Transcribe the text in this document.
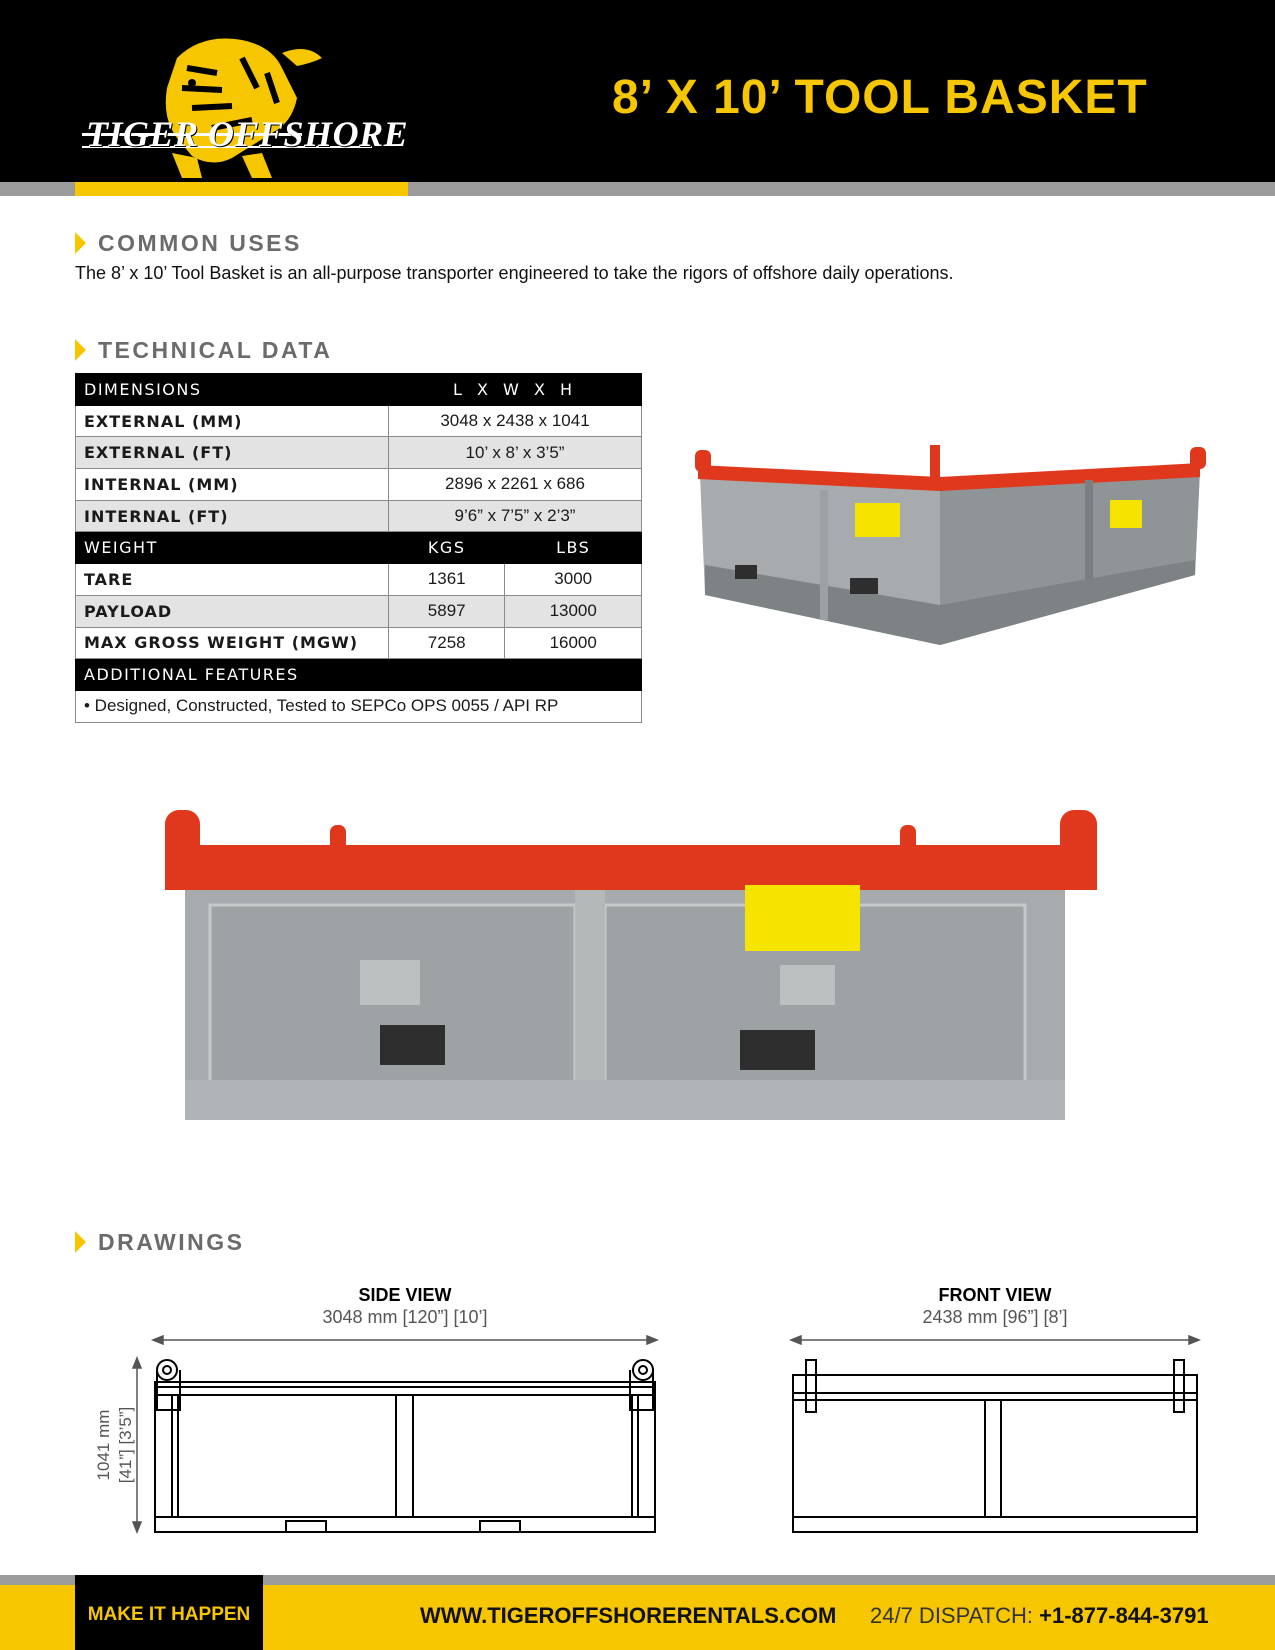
TIGER OFFSHORE
8’ X 10’ TOOL BASKET
COMMON USES
The 8’ x 10’ Tool Basket is an all-purpose transporter engineered to take the rigors of offshore daily operations.
TECHNICAL DATA
DIMENSIONS	L X W X H	
EXTERNAL (MM)	3048 x 2438 x 1041	
EXTERNAL (FT)	10’ x 8’ x 3’5”	
INTERNAL (MM)	2896 x 2261 x 686	
INTERNAL (FT)	9’6” x 7’5” x 2’3”	
WEIGHT	KGS	LBS
TARE	1361	3000
PAYLOAD	5897	13000
MAX GROSS WEIGHT (MGW)	7258	16000
ADDITIONAL FEATURES		
• Designed, Constructed, Tested to SEPCo OPS 0055 / API RP		
DRAWINGS
SIDE VIEW
3048 mm [120”] [10’]
FRONT VIEW
2438 mm [96”] [8’]
1041 mm [41”] [3’5”]
MAKE IT HAPPEN	WWW.TIGEROFFSHORERENTALS.COM 24/7 DISPATCH: +1-877-844-3791
